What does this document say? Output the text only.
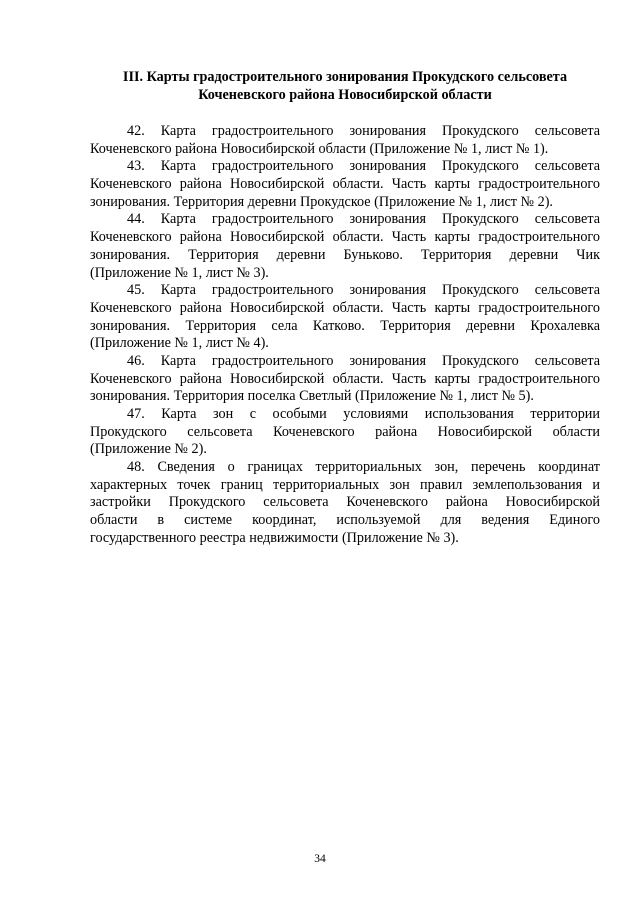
III. Карты градостроительного зонирования Прокудского сельсовета
Коченевского района Новосибирской области
42. Карта градостроительного зонирования Прокудского сельсовета
Коченевского района Новосибирской области (Приложение № 1, лист № 1).
43. Карта градостроительного зонирования Прокудского сельсовета
Коченевского района Новосибирской области. Часть карты градостроительного
зонирования. Территория деревни Прокудское (Приложение № 1, лист № 2).
44. Карта градостроительного зонирования Прокудского сельсовета
Коченевского района Новосибирской области. Часть карты градостроительного
зонирования. Территория деревни Буньково. Территория деревни Чик
(Приложение № 1, лист № 3).
45. Карта градостроительного зонирования Прокудского сельсовета
Коченевского района Новосибирской области. Часть карты градостроительного
зонирования. Территория села Катково. Территория деревни Крохалевка
(Приложение № 1, лист № 4).
46. Карта градостроительного зонирования Прокудского сельсовета
Коченевского района Новосибирской области. Часть карты градостроительного
зонирования. Территория поселка Светлый (Приложение № 1, лист № 5).
47. Карта зон с особыми условиями использования территории
Прокудского сельсовета Коченевского района Новосибирской области
(Приложение № 2).
48. Сведения о границах территориальных зон, перечень координат
характерных точек границ территориальных зон правил землепользования и
застройки Прокудского сельсовета Коченевского района Новосибирской
области в системе координат, используемой для ведения Единого
государственного реестра недвижимости (Приложение № 3).
34
